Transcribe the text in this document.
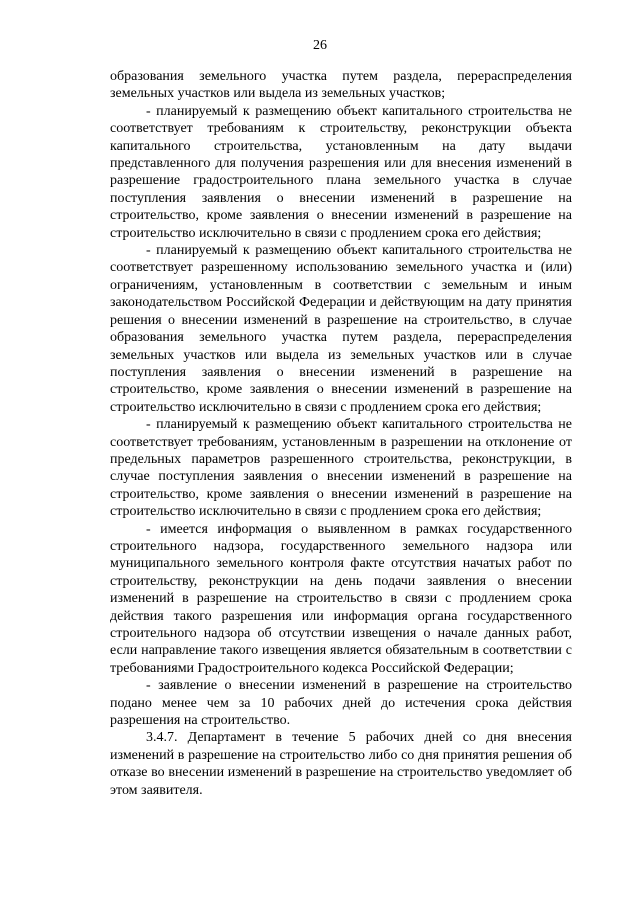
26

образования земельного участка путем раздела, перераспределения земельных участков или выдела из земельных участков;

- планируемый к размещению объект капитального строительства не соответствует требованиям к строительству, реконструкции объекта капитального строительства, установленным на дату выдачи представленного для получения разрешения или для внесения изменений в разрешение градостроительного плана земельного участка в случае поступления заявления о внесении изменений в разрешение на строительство, кроме заявления о внесении изменений в разрешение на строительство исключительно в связи с продлением срока его действия;

- планируемый к размещению объект капитального строительства не соответствует разрешенному использованию земельного участка и (или) ограничениям, установленным в соответствии с земельным и иным законодательством Российской Федерации и действующим на дату принятия решения о внесении изменений в разрешение на строительство, в случае образования земельного участка путем раздела, перераспределения земельных участков или выдела из земельных участков или в случае поступления заявления о внесении изменений в разрешение на строительство, кроме заявления о внесении изменений в разрешение на строительство исключительно в связи с продлением срока его действия;

- планируемый к размещению объект капитального строительства не соответствует требованиям, установленным в разрешении на отклонение от предельных параметров разрешенного строительства, реконструкции, в случае поступления заявления о внесении изменений в разрешение на строительство, кроме заявления о внесении изменений в разрешение на строительство исключительно в связи с продлением срока его действия;

- имеется информация о выявленном в рамках государственного строительного надзора, государственного земельного надзора или муниципального земельного контроля факте отсутствия начатых работ по строительству, реконструкции на день подачи заявления о внесении изменений в разрешение на строительство в связи с продлением срока действия такого разрешения или информация органа государственного строительного надзора об отсутствии извещения о начале данных работ, если направление такого извещения является обязательным в соответствии с требованиями Градостроительного кодекса Российской Федерации;

- заявление о внесении изменений в разрешение на строительство подано менее чем за 10 рабочих дней до истечения срока действия разрешения на строительство.

3.4.7. Департамент в течение 5 рабочих дней со дня внесения изменений в разрешение на строительство либо со дня принятия решения об отказе во внесении изменений в разрешение на строительство уведомляет об этом заявителя.
